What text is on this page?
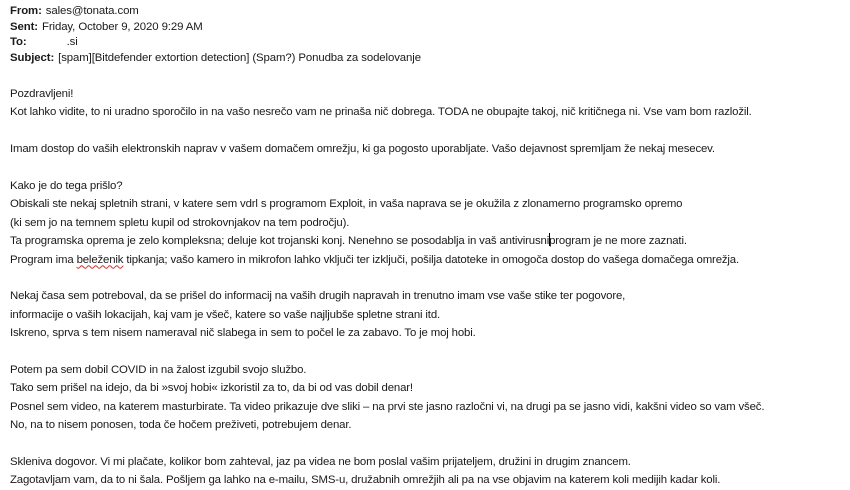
From: sales@tonata.com
Sent: Friday, October 9, 2020 9:29 AM
To:	.si
Subject: [spam][Bitdefender extortion detection] (Spam?) Ponudba za sodelovanje
Pozdravljeni!
Kot lahko vidite, to ni uradno sporočilo in na vašo nesrečo vam ne prinaša nič dobrega. TODA ne obupajte takoj, nič kritičnega ni. Vse vam bom razložil.
Imam dostop do vaših elektronskih naprav v vašem domačem omrežju, ki ga pogosto uporabljate. Vašo dejavnost spremljam že nekaj mesecev.
Kako je do tega prišlo?
Obiskali ste nekaj spletnih strani, v katere sem vdrl s programom Exploit, in vaša naprava se je okužila z zlonamerno programsko opremo
(ki sem jo na temnem spletu kupil od strokovnjakov na tem področju).
Ta programska oprema je zelo kompleksna; deluje kot trojanski konj. Nenehno se posodablja in vaš antivirusniprogram je ne more zaznati.
Program ima beleženik tipkanja; vašo kamero in mikrofon lahko vključi ter izključi, pošilja datoteke in omogoča dostop do vašega domačega omrežja.
Nekaj časa sem potreboval, da se prišel do informacij na vaših drugih napravah in trenutno imam vse vaše stike ter pogovore,
informacije o vaših lokacijah, kaj vam je všeč, katere so vaše najljubše spletne strani itd.
Iskreno, sprva s tem nisem nameraval nič slabega in sem to počel le za zabavo. To je moj hobi.
Potem pa sem dobil COVID in na žalost izgubil svojo službo.
Tako sem prišel na idejo, da bi »svoj hobi« izkoristil za to, da bi od vas dobil denar!
Posnel sem video, na katerem masturbirate. Ta video prikazuje dve sliki – na prvi ste jasno razločni vi, na drugi pa se jasno vidi, kakšni video so vam všeč.
No, na to nisem ponosen, toda če hočem preživeti, potrebujem denar.
Skleniva dogovor. Vi mi plačate, kolikor bom zahteval, jaz pa videa ne bom poslal vašim prijateljem, družini in drugim znancem.
Zagotavljam vam, da to ni šala. Pošljem ga lahko na e-mailu, SMS-u, družabnih omrežjih ali pa na vse objavim na katerem koli medijih kadar koli.
